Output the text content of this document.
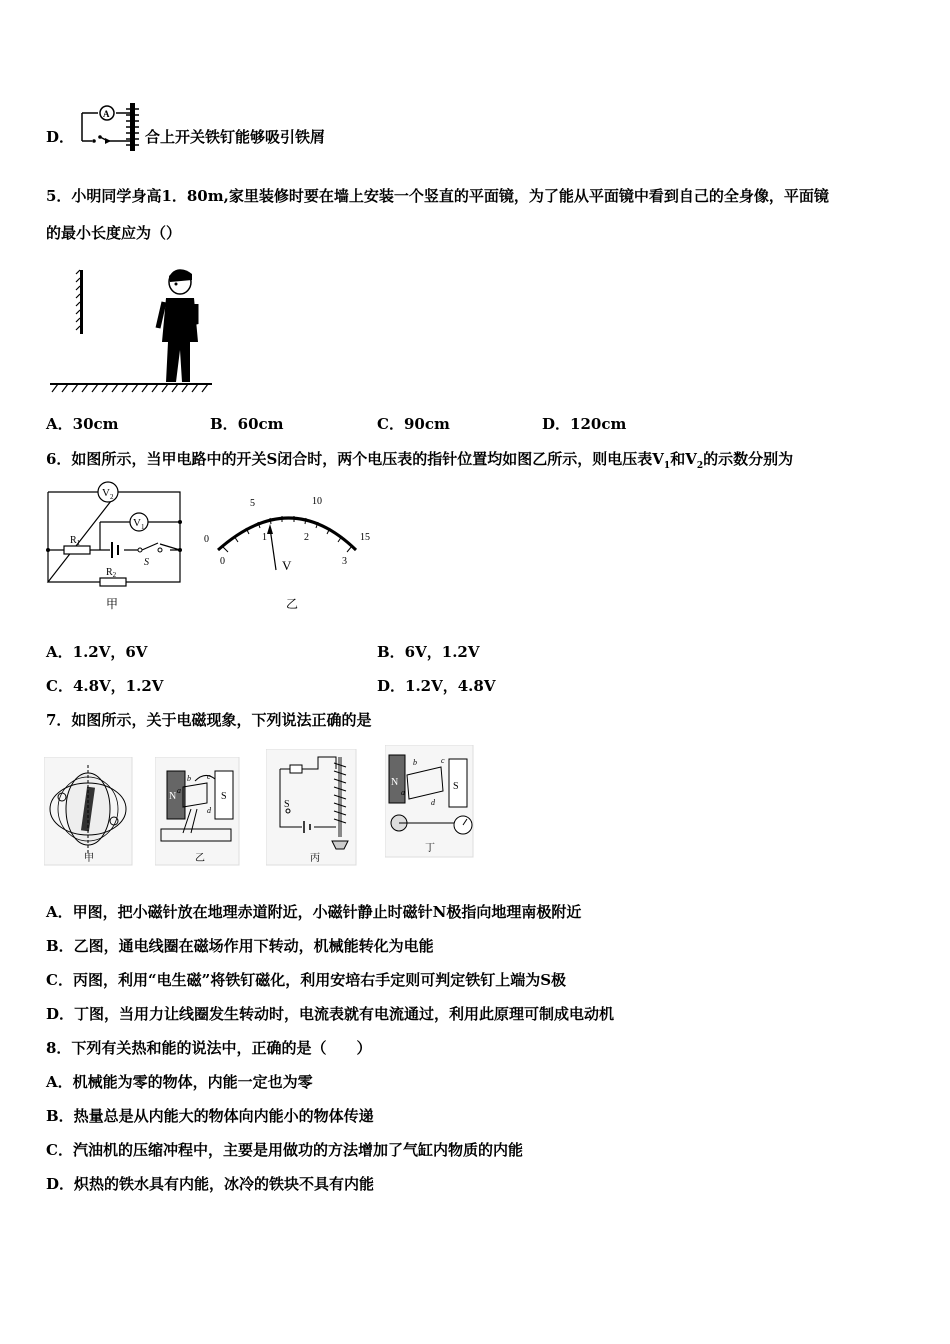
D．
A
合上开关铁钉能够吸引铁屑
5．小明同学身高1．80m,家里装修时要在墙上安装一个竖直的平面镜，为了能从平面镜中看到自己的全身像，平面镜
的最小长度应为（）
A．30cm	B．60cm	C．90cm	D．120cm
6．如图所示，当甲电路中的开关S闭合时，两个电压表的指针位置均如图乙所示，则电压表$V_1$和$V_2$的示数分别为
$V_2$
$V_1$
$R_1$
S
$R_2$
甲
0
5	10
15
0
1	2
3
V
乙
A．1.2V，6V	B．6V，1.2V
C．4.8V，1.2V	D．1.2V，4.8V
7．如图所示，关于电磁现象，下列说法正确的是
甲
N	S
a
b c
d
乙
S
丙
N	S
a
b	c
d
丁
A．甲图，把小磁针放在地理赤道附近，小磁针静止时磁针N极指向地理南极附近
B．乙图，通电线圈在磁场作用下转动，机械能转化为电能
C．丙图，利用“电生磁”将铁钉磁化，利用安培右手定则可判定铁钉上端为S极
D．丁图，当用力让线圈发生转动时，电流表就有电流通过，利用此原理可制成电动机
8．下列有关热和能的说法中，正确的是（　　）
A．机械能为零的物体，内能一定也为零
B．热量总是从内能大的物体向内能小的物体传递
C．汽油机的压缩冲程中，主要是用做功的方法增加了气缸内物质的内能
D．炽热的铁水具有内能，冰冷的铁块不具有内能
